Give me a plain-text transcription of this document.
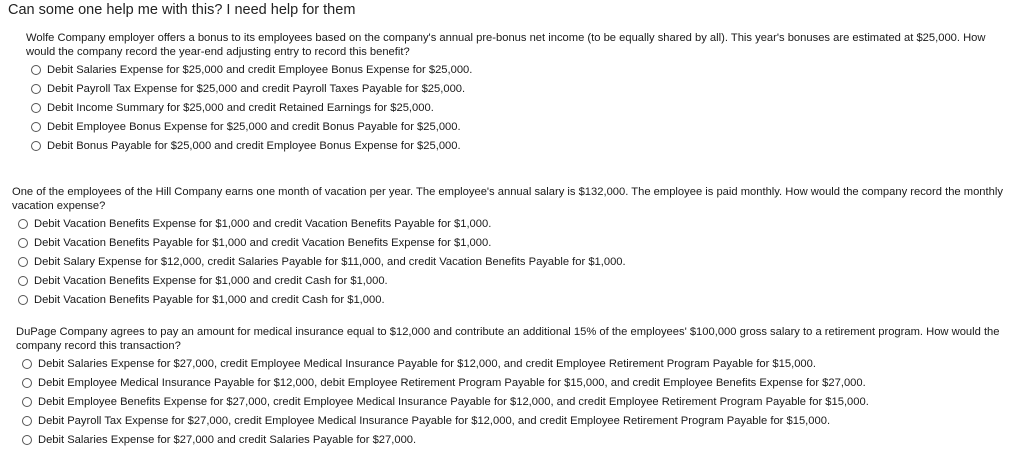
Can some one help me with this? I need help for them

Wolfe Company employer offers a bonus to its employees based on the company's annual pre-bonus net income (to be equally shared by all). This year's bonuses are estimated at $25,000. How would the company record the year-end adjusting entry to record this benefit?

Debit Salaries Expense for $25,000 and credit Employee Bonus Expense for $25,000.
Debit Payroll Tax Expense for $25,000 and credit Payroll Taxes Payable for $25,000.
Debit Income Summary for $25,000 and credit Retained Earnings for $25,000.
Debit Employee Bonus Expense for $25,000 and credit Bonus Payable for $25,000.
Debit Bonus Payable for $25,000 and credit Employee Bonus Expense for $25,000.

One of the employees of the Hill Company earns one month of vacation per year. The employee's annual salary is $132,000. The employee is paid monthly. How would the company record the monthly vacation expense?

Debit Vacation Benefits Expense for $1,000 and credit Vacation Benefits Payable for $1,000.
Debit Vacation Benefits Payable for $1,000 and credit Vacation Benefits Expense for $1,000.
Debit Salary Expense for $12,000, credit Salaries Payable for $11,000, and credit Vacation Benefits Payable for $1,000.
Debit Vacation Benefits Expense for $1,000 and credit Cash for $1,000.
Debit Vacation Benefits Payable for $1,000 and credit Cash for $1,000.

DuPage Company agrees to pay an amount for medical insurance equal to $12,000 and contribute an additional 15% of the employees' $100,000 gross salary to a retirement program. How would the company record this transaction?

Debit Salaries Expense for $27,000, credit Employee Medical Insurance Payable for $12,000, and credit Employee Retirement Program Payable for $15,000.
Debit Employee Medical Insurance Payable for $12,000, debit Employee Retirement Program Payable for $15,000, and credit Employee Benefits Expense for $27,000.
Debit Employee Benefits Expense for $27,000, credit Employee Medical Insurance Payable for $12,000, and credit Employee Retirement Program Payable for $15,000.
Debit Payroll Tax Expense for $27,000, credit Employee Medical Insurance Payable for $12,000, and credit Employee Retirement Program Payable for $15,000.
Debit Salaries Expense for $27,000 and credit Salaries Payable for $27,000.
